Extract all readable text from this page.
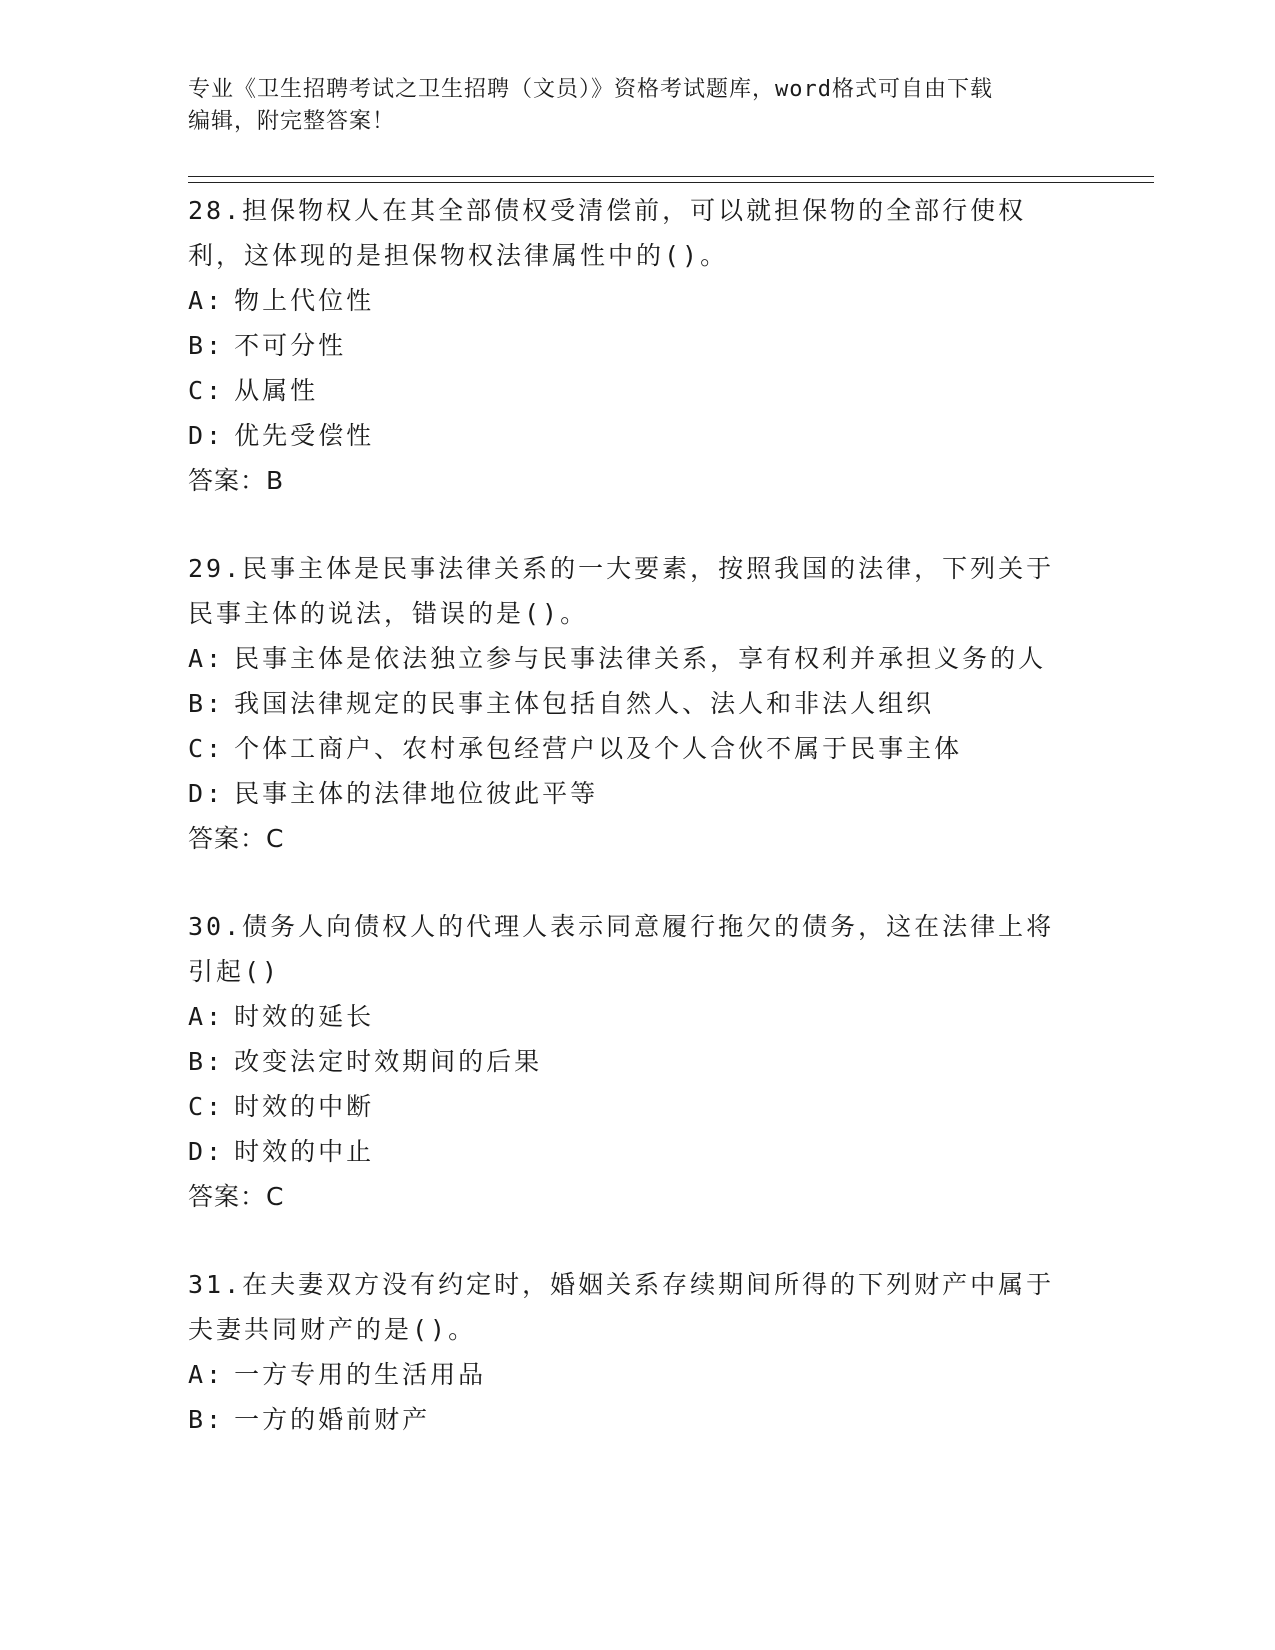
专业《卫生招聘考试之卫生招聘（文员）》资格考试题库，word格式可自由下载
编辑，附完整答案！
28.担保物权人在其全部债权受清偿前，可以就担保物的全部行使权利，这体现的是担保物权法律属性中的()。
A: 物上代位性
B: 不可分性
C: 从属性
D: 优先受偿性
答案：B
29.民事主体是民事法律关系的一大要素，按照我国的法律，下列关于民事主体的说法，错误的是()。
A: 民事主体是依法独立参与民事法律关系，享有权利并承担义务的人
B: 我国法律规定的民事主体包括自然人、法人和非法人组织
C: 个体工商户、农村承包经营户以及个人合伙不属于民事主体
D: 民事主体的法律地位彼此平等
答案：C
30.债务人向债权人的代理人表示同意履行拖欠的债务，这在法律上将引起()
A: 时效的延长
B: 改变法定时效期间的后果
C: 时效的中断
D: 时效的中止
答案：C
31.在夫妻双方没有约定时，婚姻关系存续期间所得的下列财产中属于夫妻共同财产的是()。
A: 一方专用的生活用品
B: 一方的婚前财产
